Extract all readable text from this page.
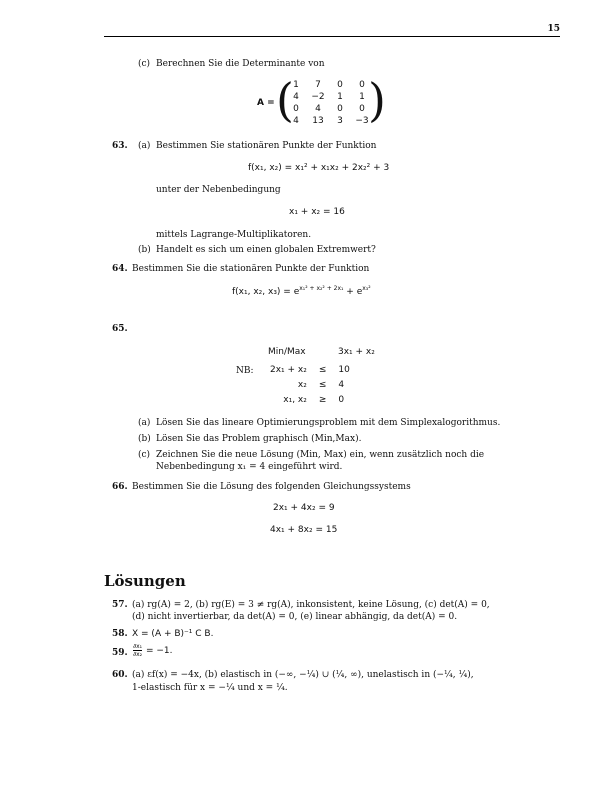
15
(c) Berechnen Sie die Determinante von
A = ( )
1	7	0	0
4	−2	1	1
0	4	0	0
4	13	3	−3
63. (a) Bestimmen Sie stationären Punkte der Funktion
f(x₁, x₂) = x₁² + x₁x₂ + 2x₂² + 3
unter der Nebenbedingung
x₁ + x₂ = 16
mittels Lagrange-Multiplikatoren.
(b) Handelt es sich um einen globalen Extremwert?
64. Bestimmen Sie die stationären Punkte der Funktion
f(x₁, x₂, $x_3) = e^{x_1^2 + x_2^2 + 2x_1} + e^{x_3^2}$
65.
Min/Max	3x₁ + x₂
NB: 2x₁ + x₂	≤	10
x₂	≤	4
x₁, x₂	≥	0
(a) Lösen Sie das lineare Optimierungsproblem mit dem Simplexalogorithmus.
(b) Lösen Sie das Problem graphisch (Min,Max).
(c) Zeichnen Sie die neue Lösung (Min, Max) ein, wenn zusätzlich noch die
Nebenbedingung x₁ = 4 eingeführt wird.
66. Bestimmen Sie die Lösung des folgenden Gleichungssystems
2x₁ + 4x₂ = 9
4x₁ + 8x₂ = 15
Lösungen
57. (a) rg(A) = 2, (b) rg(E) = 3 ≠ rg(A), inkonsistent, keine Lösung, (c) det(A) = 0,
(d) nicht invertierbar, da det(A) = 0, (e) linear abhängig, da det(A) = 0.
58. X = (A + B)⁻¹ C B.
59. $\frac{\text{∂x₁}}{\text{∂x₂}} = -1$.
60. (a) εf(x) = −4x, (b) elastisch in (−∞, −¼) ∪ (¼, ∞), unelastisch in (−¼, ¼),
1-elastisch für x = −¼ und x = ¼.
